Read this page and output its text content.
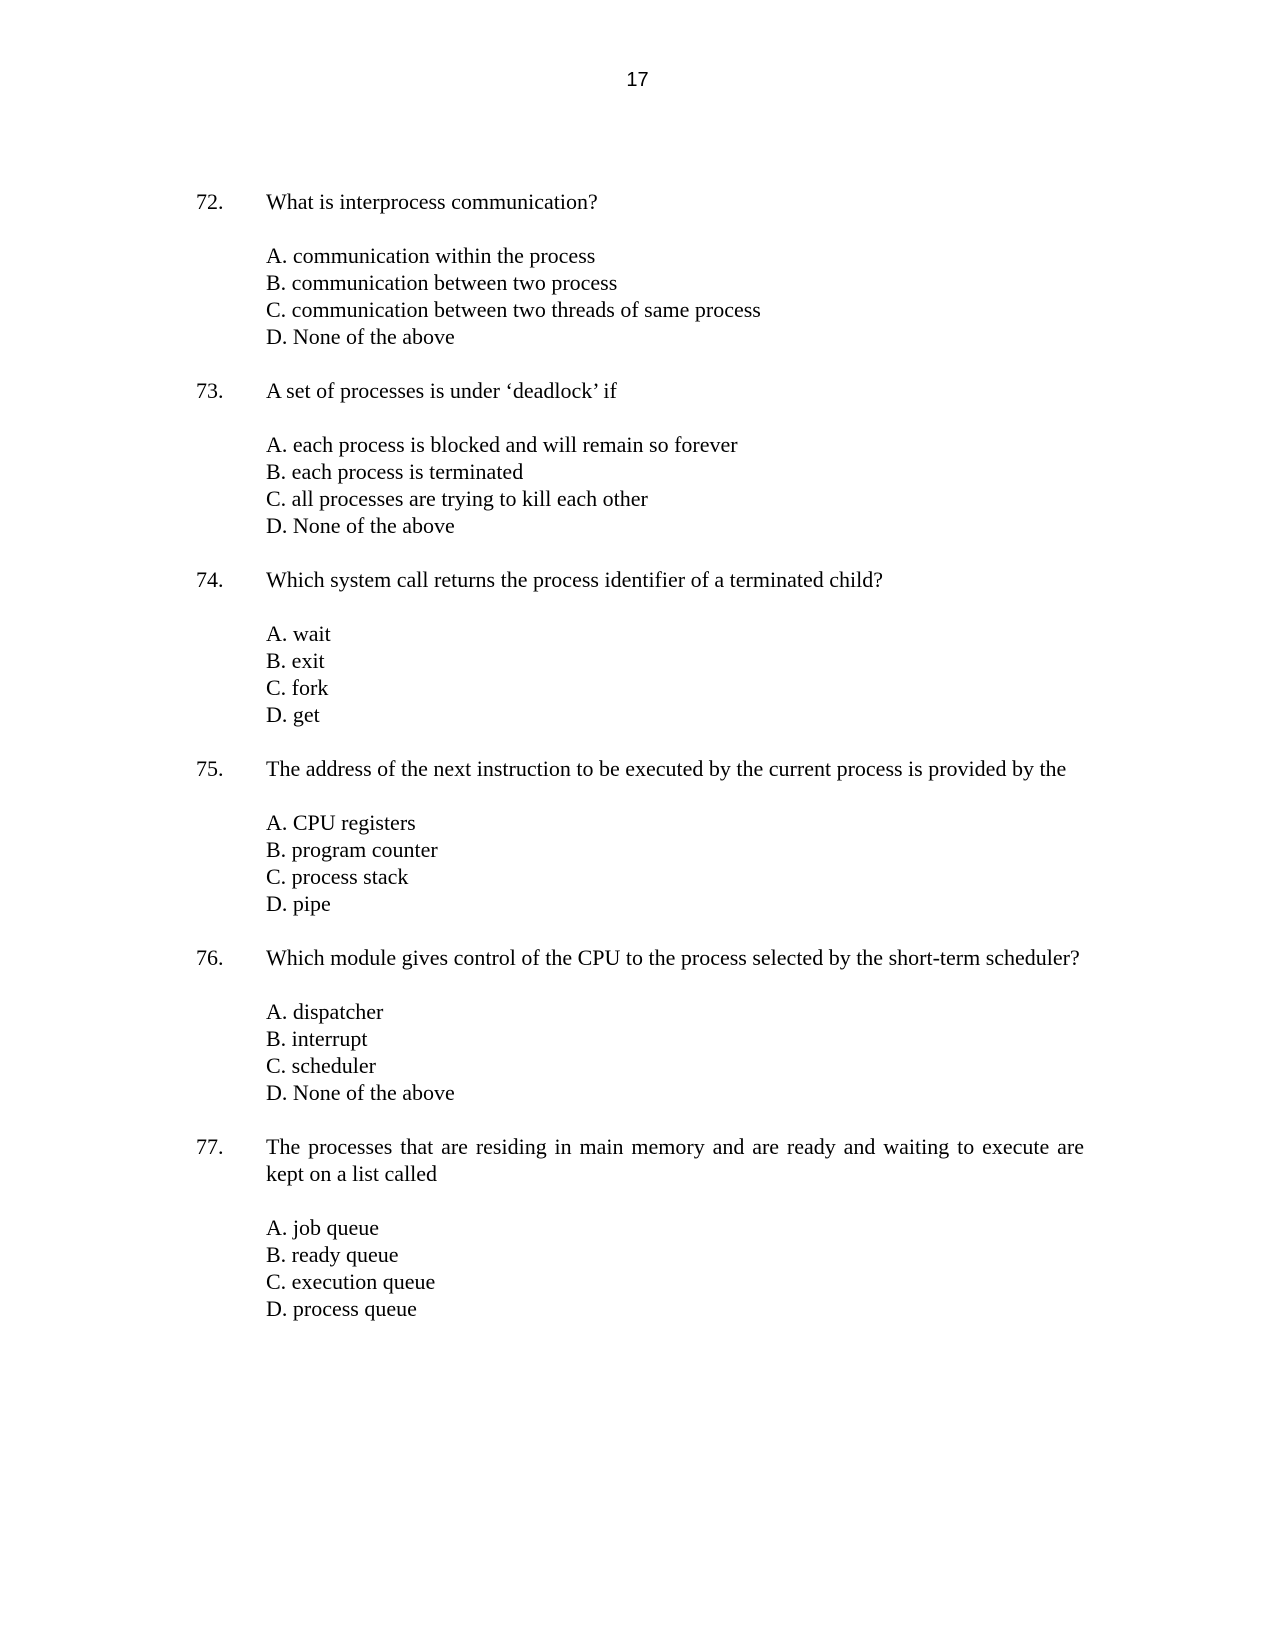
17
72.	What is interprocess communication?
A. communication within the process
B. communication between two process
C. communication between two threads of same process
D. None of the above
73.	A set of processes is under ‘deadlock’ if
A. each process is blocked and will remain so forever
B. each process is terminated
C. all processes are trying to kill each other
D. None of the above
74.	Which system call returns the process identifier of a terminated child?
A. wait
B. exit
C. fork
D. get
75.	The address of the next instruction to be executed by the current process is provided by the
A. CPU registers
B. program counter
C. process stack
D. pipe
76.	Which module gives control of the CPU to the process selected by the short-term scheduler?
A. dispatcher
B. interrupt
C. scheduler
D. None of the above
77.	The processes that are residing in main memory and are ready and waiting to execute are kept on a list called
A. job queue
B. ready queue
C. execution queue
D. process queue
